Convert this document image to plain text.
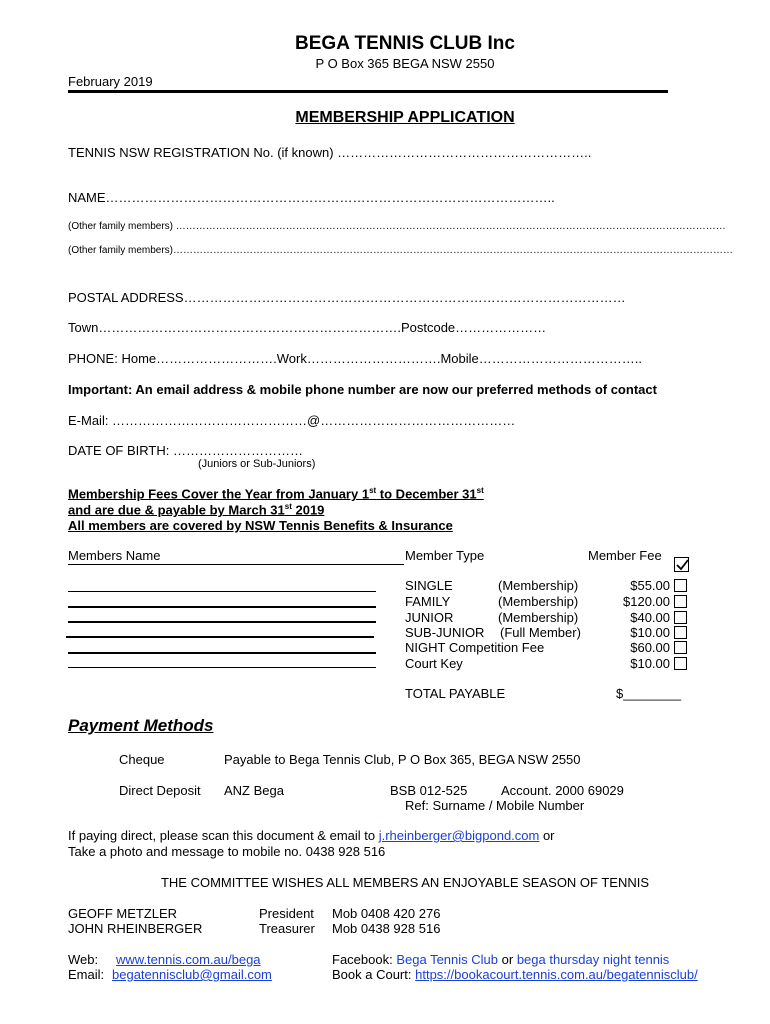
BEGA TENNIS CLUB Inc
P O Box 365 BEGA NSW 2550
February 2019
MEMBERSHIP APPLICATION
TENNIS NSW REGISTRATION No. (if known) …………………………………………………..
NAME…………………………………………………………………………………………..
(Other family members) …………………………………………………………………………………………………………………………………………………
(Other family members)……………………………………………………………………………………………………………………………………………………
POSTAL ADDRESS…………………………………………………………………………………………
Town…………………………………………………………….Postcode…………………
PHONE: Home……………………….Work………………………….Mobile………………………………..
Important: An email address & mobile phone number are now our preferred methods of contact
E-Mail: ………………………………………@………………………………………
DATE OF BIRTH: …………………………
(Juniors or Sub-Juniors)
Membership Fees Cover the Year from January 1st to December 31st
and are due & payable by March 31st 2019
All members are covered by NSW Tennis Benefits & Insurance
Members Name	Member Type	Member Fee
SINGLE	(Membership)	$55.00
FAMILY	(Membership)	$120.00
JUNIOR	(Membership)	$40.00
SUB-JUNIOR (Full Member)	$10.00
NIGHT Competition Fee	$60.00
Court Key	$10.00
TOTAL PAYABLE	$________
Payment Methods
Cheque	Payable to Bega Tennis Club, P O Box 365, BEGA NSW 2550
Direct Deposit ANZ Bega	BSB 012-525	Account. 2000 69029
Ref: Surname / Mobile Number
If paying direct, please scan this document & email to j.rheinberger@bigpond.com or
Take a photo and message to mobile no. 0438 928 516
THE COMMITTEE WISHES ALL MEMBERS AN ENJOYABLE SEASON OF TENNIS
GEOFF METZLER	President Mob 0408 420 276
JOHN RHEINBERGER	Treasurer Mob 0438 928 516
Web: www.tennis.com.au/bega
Email: begatennisclub@gmail.com
Facebook: Bega Tennis Club or bega thursday night tennis
Book a Court: https://bookacourt.tennis.com.au/begatennisclub/
